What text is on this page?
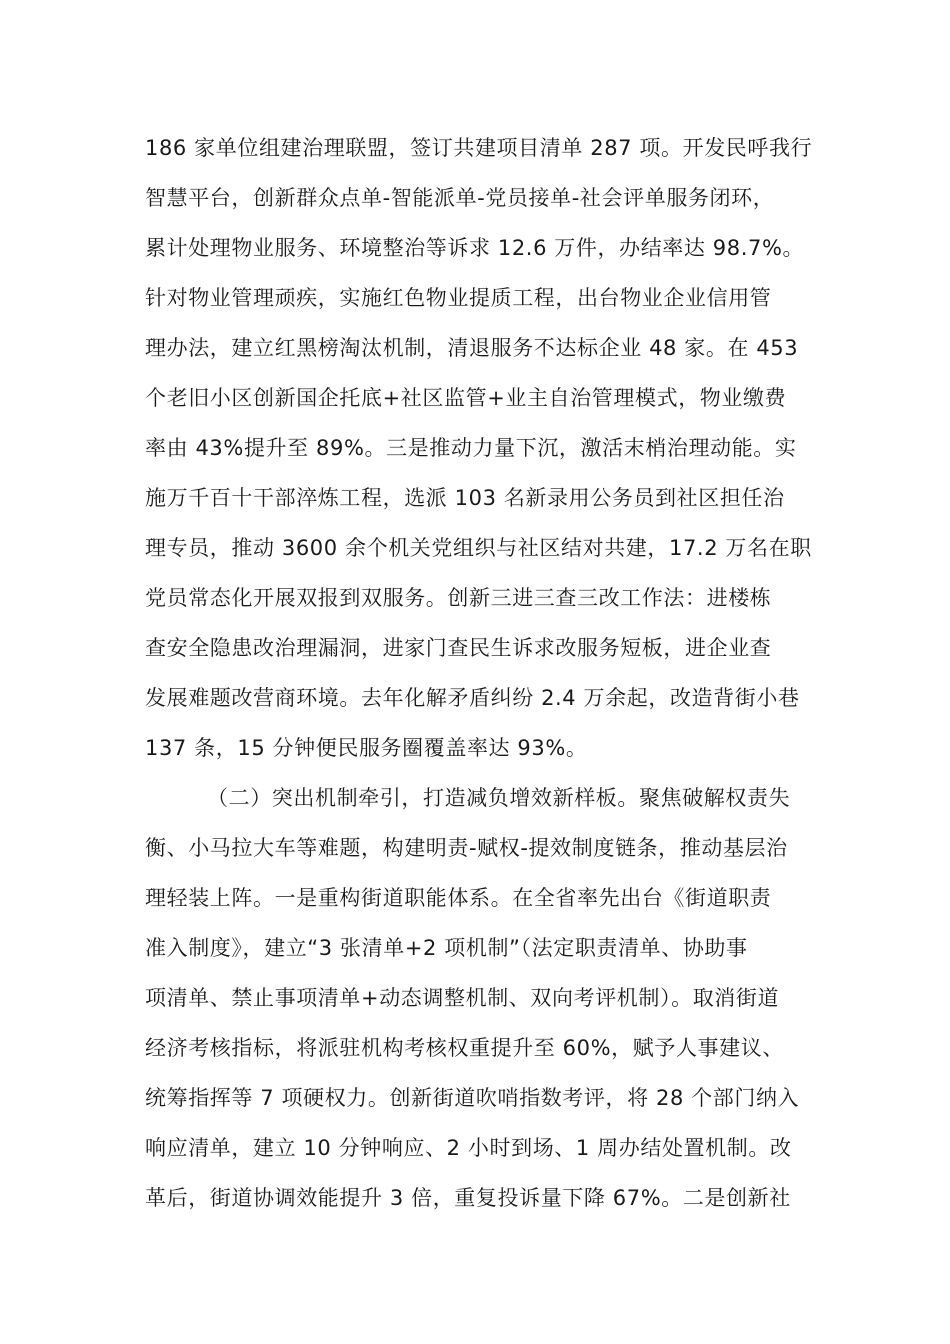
186 家单位组建治理联盟，签订共建项目清单 287 项。开发民呼我行
智慧平台，创新群众点单-智能派单-党员接单-社会评单服务闭环，
累计处理物业服务、环境整治等诉求 12.6 万件，办结率达 98.7%。
针对物业管理顽疾，实施红色物业提质工程，出台物业企业信用管
理办法，建立红黑榜淘汰机制，清退服务不达标企业 48 家。在 453
个老旧小区创新国企托底+社区监管+业主自治管理模式，物业缴费
率由 43%提升至 89%。三是推动力量下沉，激活末梢治理动能。实
施万千百十干部淬炼工程，选派 103 名新录用公务员到社区担任治
理专员，推动 3600 余个机关党组织与社区结对共建，17.2 万名在职
党员常态化开展双报到双服务。创新三进三查三改工作法：进楼栋
查安全隐患改治理漏洞，进家门查民生诉求改服务短板，进企业查
发展难题改营商环境。去年化解矛盾纠纷 2.4 万余起，改造背街小巷
137 条，15 分钟便民服务圈覆盖率达 93%。
（二）突出机制牵引，打造减负增效新样板。聚焦破解权责失
衡、小马拉大车等难题，构建明责-赋权-提效制度链条，推动基层治
理轻装上阵。一是重构街道职能体系。在全省率先出台《街道职责
准入制度》，建立“3 张清单+2 项机制”（法定职责清单、协助事
项清单、禁止事项清单+动态调整机制、双向考评机制）。取消街道
经济考核指标，将派驻机构考核权重提升至 60%，赋予人事建议、
统筹指挥等 7 项硬权力。创新街道吹哨指数考评，将 28 个部门纳入
响应清单，建立 10 分钟响应、2 小时到场、1 周办结处置机制。改
革后，街道协调效能提升 3 倍，重复投诉量下降 67%。二是创新社
